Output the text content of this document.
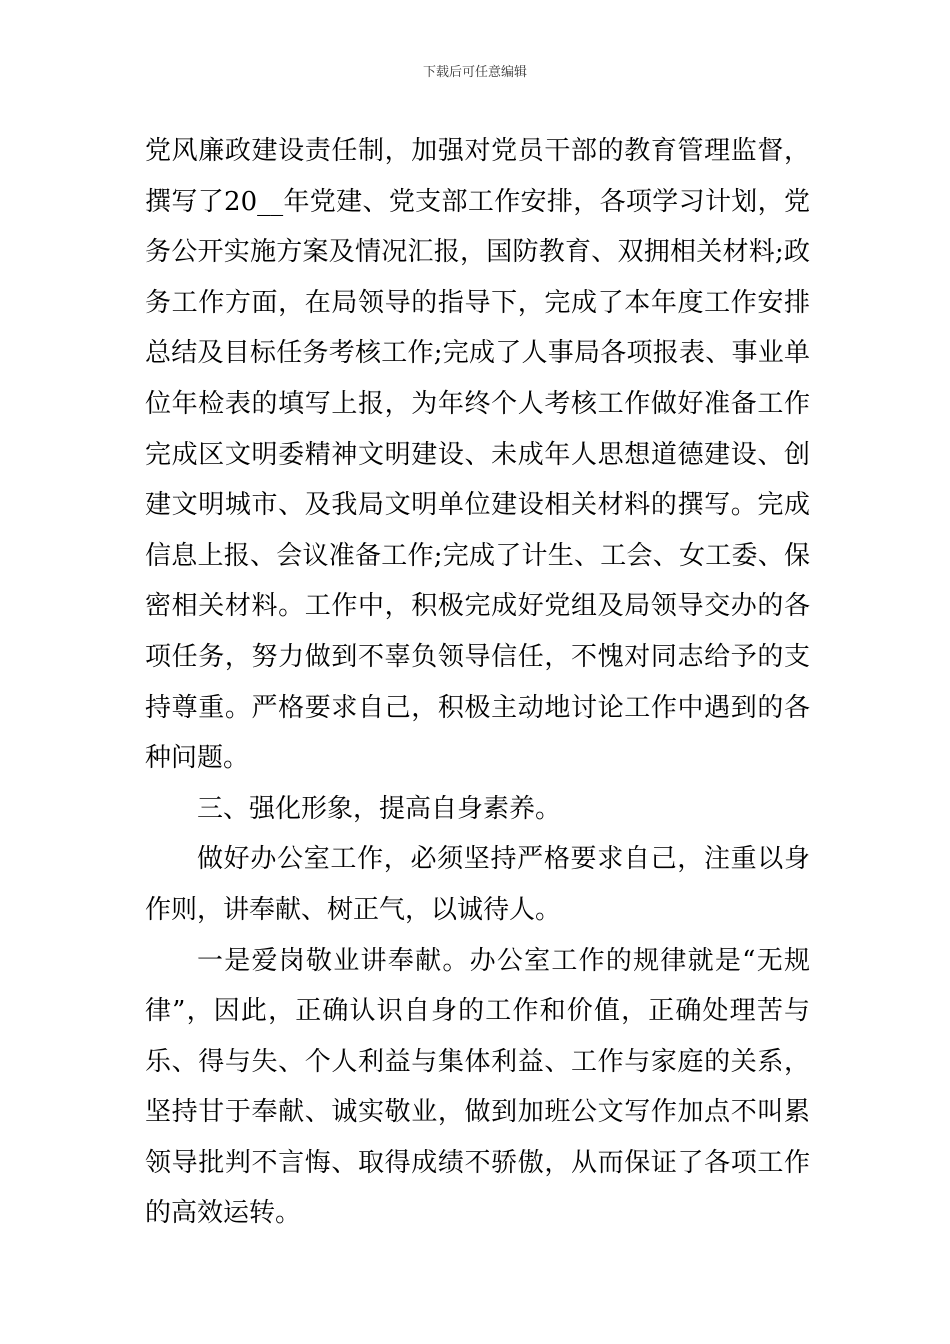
下载后可任意编辑
党风廉政建设责任制，加强对党员干部的教育管理监督，
撰写了20__年党建、党支部工作安排，各项学习计划，党
务公开实施方案及情况汇报，国防教育、双拥相关材料;政
务工作方面，在局领导的指导下，完成了本年度工作安排
总结及目标任务考核工作;完成了人事局各项报表、事业单
位年检表的填写上报，为年终个人考核工作做好准备工作
完成区文明委精神文明建设、未成年人思想道德建设、创
建文明城市、及我局文明单位建设相关材料的撰写。完成
信息上报、会议准备工作;完成了计生、工会、女工委、保
密相关材料。工作中，积极完成好党组及局领导交办的各
项任务，努力做到不辜负领导信任，不愧对同志给予的支
持尊重。严格要求自己，积极主动地讨论工作中遇到的各
种问题。
三、强化形象，提高自身素养。
做好办公室工作，必须坚持严格要求自己，注重以身
作则，讲奉献、树正气，以诚待人。
一是爱岗敬业讲奉献。办公室工作的规律就是“无规
律”，因此，正确认识自身的工作和价值，正确处理苦与
乐、得与失、个人利益与集体利益、工作与家庭的关系，
坚持甘于奉献、诚实敬业，做到加班公文写作加点不叫累
领导批判不言悔、取得成绩不骄傲，从而保证了各项工作
的高效运转。
